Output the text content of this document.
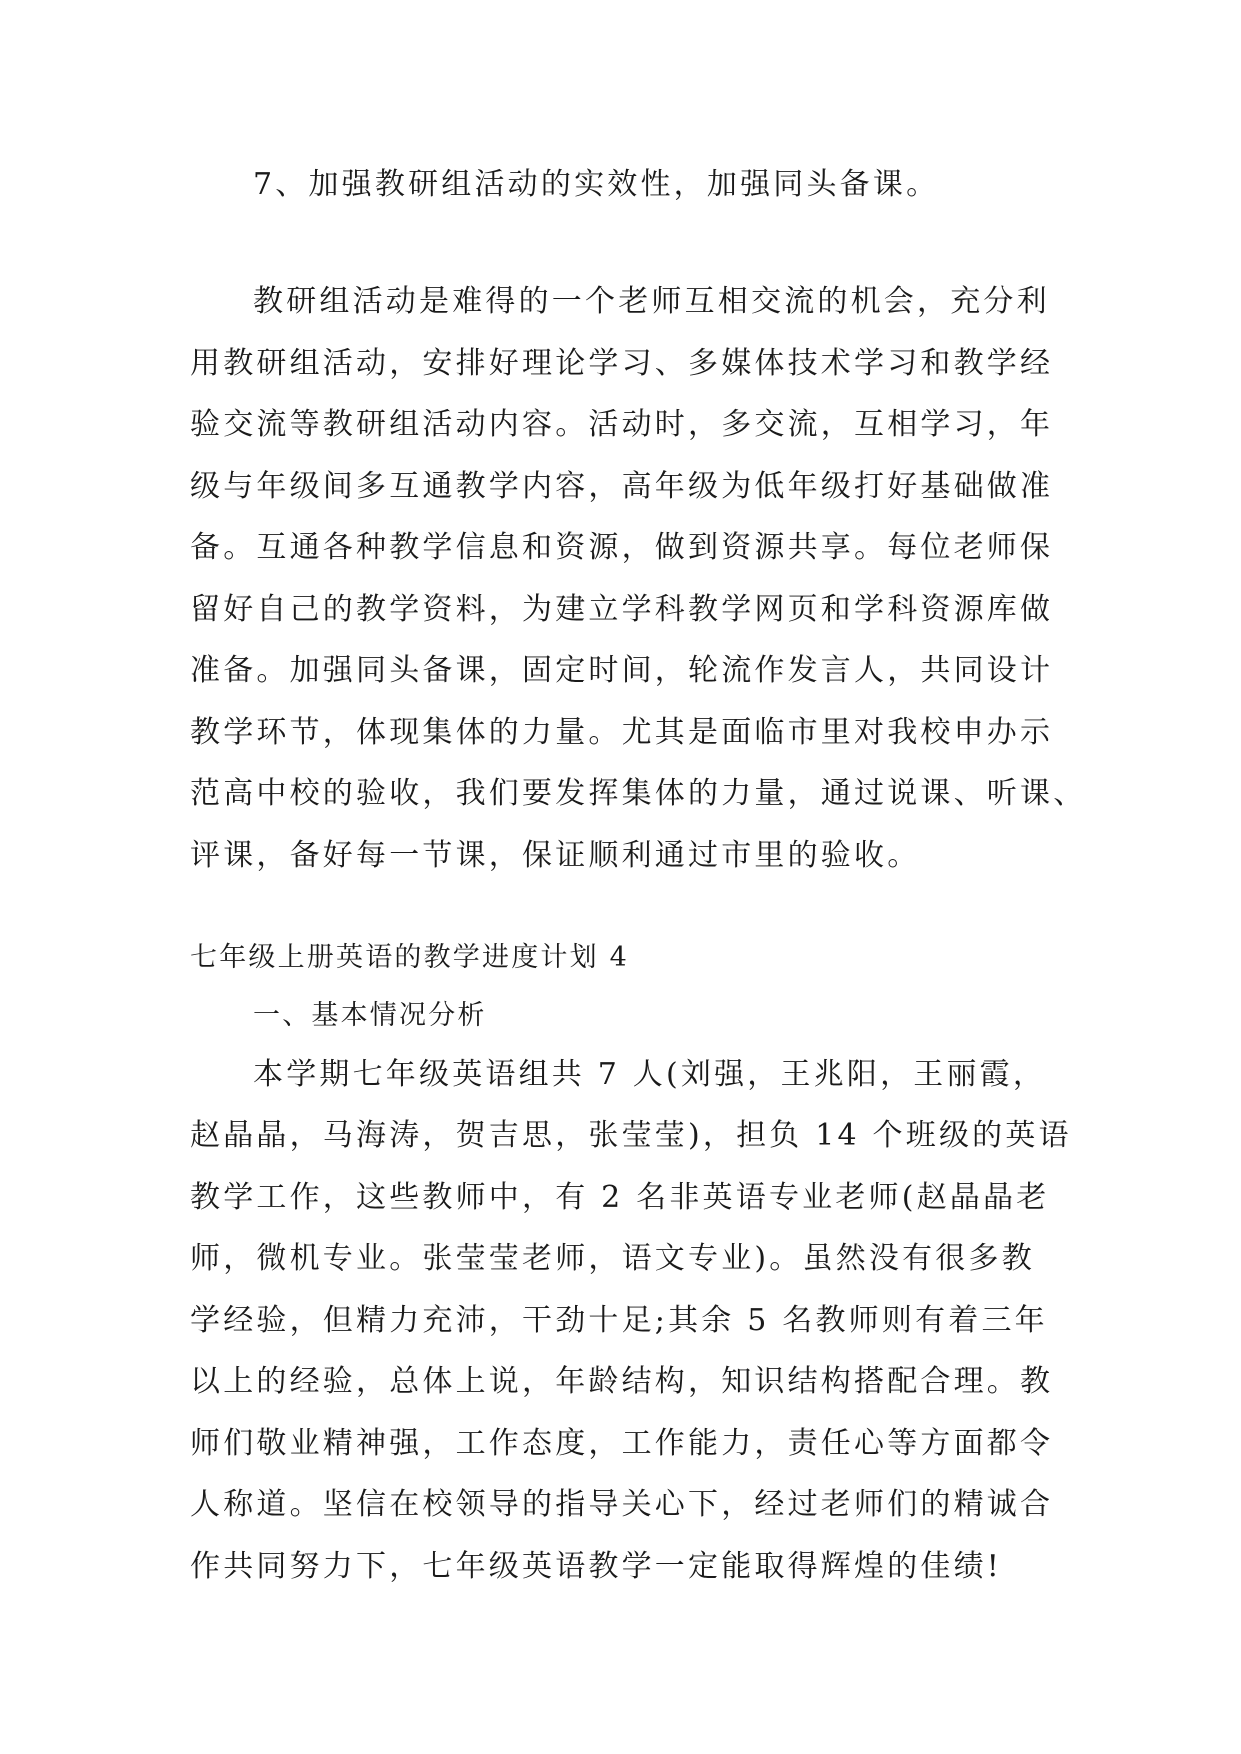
7、加强教研组活动的实效性，加强同头备课。
教研组活动是难得的一个老师互相交流的机会，充分利
用教研组活动，安排好理论学习、多媒体技术学习和教学经
验交流等教研组活动内容。活动时，多交流，互相学习，年
级与年级间多互通教学内容，高年级为低年级打好基础做准
备。互通各种教学信息和资源，做到资源共享。每位老师保
留好自己的教学资料，为建立学科教学网页和学科资源库做
准备。加强同头备课，固定时间，轮流作发言人，共同设计
教学环节，体现集体的力量。尤其是面临市里对我校申办示
范高中校的验收，我们要发挥集体的力量，通过说课、听课、
评课，备好每一节课，保证顺利通过市里的验收。
七年级上册英语的教学进度计划 4
一、基本情况分析
本学期七年级英语组共 7 人(刘强，王兆阳，王丽霞，
赵晶晶，马海涛，贺吉思，张莹莹)，担负 14 个班级的英语
教学工作，这些教师中，有 2 名非英语专业老师(赵晶晶老
师，微机专业。张莹莹老师，语文专业)。虽然没有很多教
学经验，但精力充沛，干劲十足;其余 5 名教师则有着三年
以上的经验，总体上说，年龄结构，知识结构搭配合理。教
师们敬业精神强，工作态度，工作能力，责任心等方面都令
人称道。坚信在校领导的指导关心下，经过老师们的精诚合
作共同努力下，七年级英语教学一定能取得辉煌的佳绩!
